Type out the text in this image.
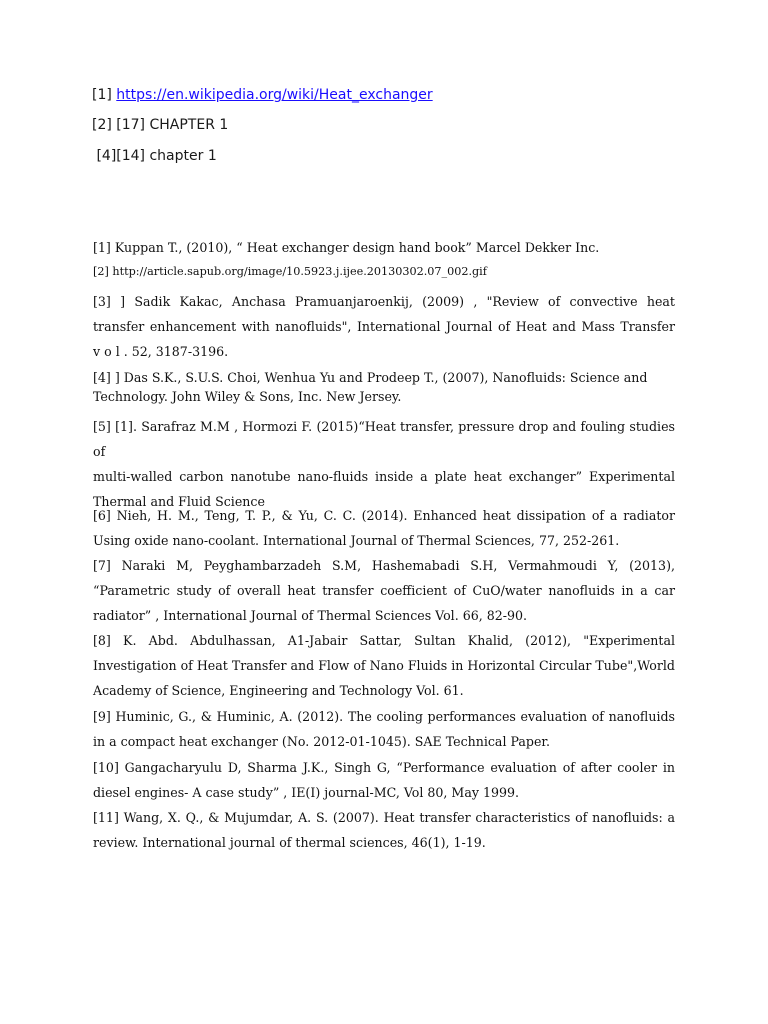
[1] https://en.wikipedia.org/wiki/Heat_exchanger
[2] [17] CHAPTER 1
[4][14] chapter 1
[1] Kuppan T., (2010), “ Heat exchanger design hand book” Marcel Dekker Inc.
[2] http://article.sapub.org/image/10.5923.j.ijee.20130302.07_002.gif
[3] ] Sadik Kakac, Anchasa Pramuanjaroenkij, (2009) , "Review of convective heat
transfer enhancement with nanofluids", International Journal of Heat and Mass Transfer
v o l . 52, 3187-3196.
[4] ] Das S.K., S.U.S. Choi, Wenhua Yu and Prodeep T., (2007), Nanofluids: Science and
Technology. John Wiley & Sons, Inc. New Jersey.
[5] [1]. Sarafraz M.M , Hormozi F. (2015)“Heat transfer, pressure drop and fouling studies of
multi-walled carbon nanotube nano-fluids inside a plate heat exchanger” Experimental
Thermal and Fluid Science
[6] Nieh, H. M., Teng, T. P., & Yu, C. C. (2014). Enhanced heat dissipation of a radiator
Using oxide nano-coolant. International Journal of Thermal Sciences, 77, 252-261.
[7] Naraki M, Peyghambarzadeh S.M, Hashemabadi S.H, Vermahmoudi Y, (2013),
“Parametric study of overall heat transfer coefficient of CuO/water nanofluids in a car
radiator” , International Journal of Thermal Sciences Vol. 66, 82-90.
[8] K. Abd. Abdulhassan, A1-Jabair Sattar, Sultan Khalid, (2012), "Experimental
Investigation of Heat Transfer and Flow of Nano Fluids in Horizontal Circular Tube",World
Academy of Science, Engineering and Technology Vol. 61.
[9] Huminic, G., & Huminic, A. (2012). The cooling performances evaluation of nanofluids
in a compact heat exchanger (No. 2012-01-1045). SAE Technical Paper.
[10] Gangacharyulu D, Sharma J.K., Singh G, “Performance evaluation of after cooler in
diesel engines- A case study” , IE(I) journal-MC, Vol 80, May 1999.
[11] Wang, X. Q., & Mujumdar, A. S. (2007). Heat transfer characteristics of nanofluids: a
review. International journal of thermal sciences, 46(1), 1-19.
